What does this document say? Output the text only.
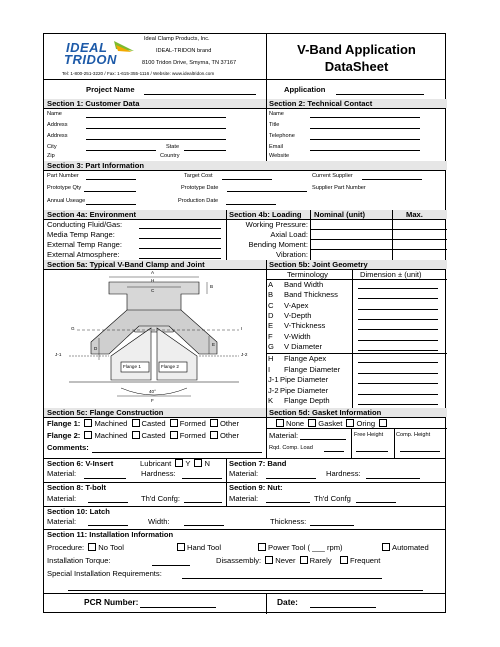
IDEAL
TRIDON
Ideal Clamp Products, Inc.
IDEAL-TRIDON brand
8100 Tridon Drive, Smyrna, TN 37167
Tel: 1-800-251-3220 / Fax: 1-615-355-1116 / Website: www.idealtridon.com
V-Band Application
DataSheet
Project Name	Application
Section 1: Customer Data	Section 2: Technical Contact
Name
Address
Address
City	State
Zip	Country
Name
Title
Telephone
Email
Website
Section 3: Part Information
Part Number	Target Cost	Current Supplier
Prototype Qty	Prototype Date	Supplier Part Number
Annual Useage	Production Date
Section 4a: Environment	Section 4b: Loading Nominal (unit)	Max.
Conducting Fluid/Gas:
Media Temp Range:
External Temp Range:
External Atmosphere:
Working Pressure:
Axial Load:
Bending Moment:
Vibration:
Section 5a: Typical V-Band Clamp and Joint	Section 5b: Joint Geometry
A
H
C
B
G	I
D
E
J-1	J-2
Flange 1	Flange 2
40°
F
Terminology	Dimension ± (unit)
A Band Width
B Band Thickness
C V-Apex
D V-Depth
E V-Thickness
F V-Width
G V Diameter
H Flange Apex
I Flange Diameter
J-1 Pipe Diameter
J-2 Pipe Diameter
K Flange Depth
Section 5c: Flange Construction	Section 5d: Gasket Information
Flange 1: Machined Casted Formed Other
Flange 2: Machined Casted Formed Other
Comments:
None Gasket Oring
Material:	Free Height Comp. Height
Rqd. Comp. Load
Section 6: V-Insert	Lubricant Y N
Material:	Hardness:
Section 7: Band
Material:	Hardness:
Section 8: T-bolt
Material:	Th'd Confg:
Section 9: Nut:
Material:	Th'd Confg
Section 10: Latch
Material:	Width:	Thickness:
Section 11: Installation Information
Procedure: No Tool	Hand Tool	Power Tool ( ___ rpm)	Automated
Installation Torque:	Disassembly: Never Rarely Frequent
Special Installation Requirements:
PCR Number:	Date:
